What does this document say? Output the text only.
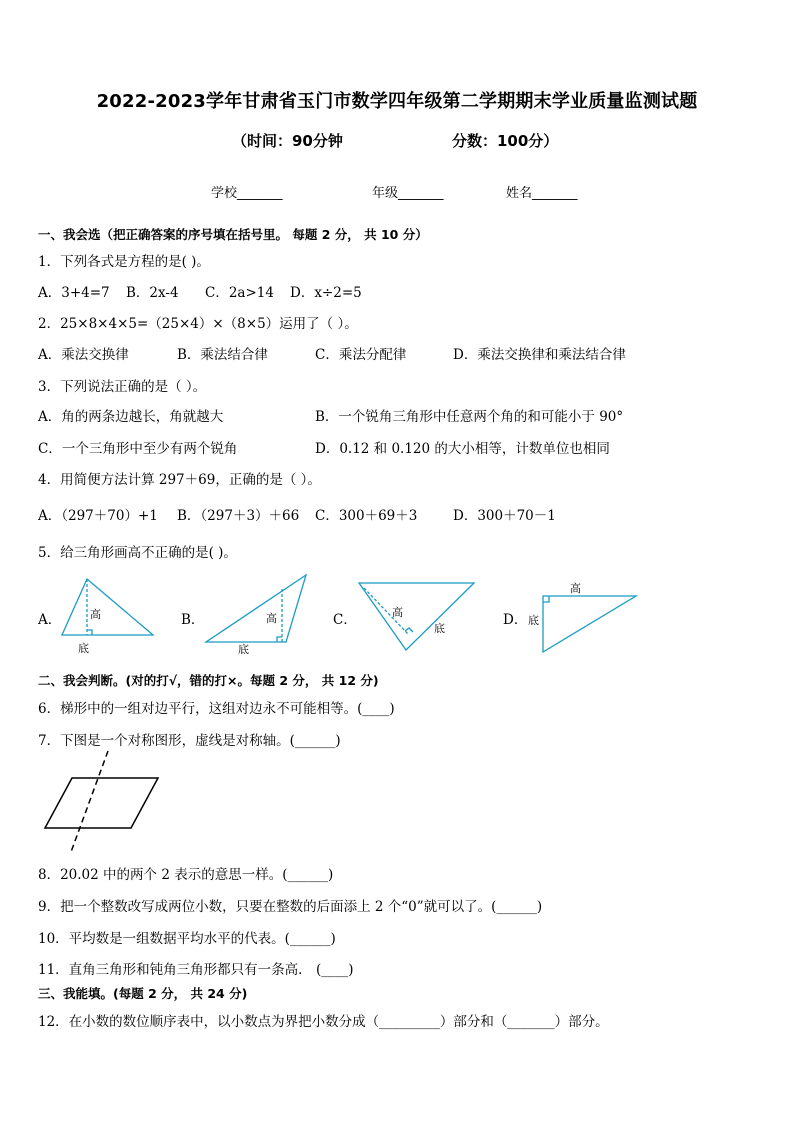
2022-2023学年甘肃省玉门市数学四年级第二学期期末学业质量监测试题
（时间：90分钟	分数：100分）
学校_______	年级_______	姓名_______
一、我会选（把正确答案的序号填在括号里。 每题 2 分， 共 10 分）
1．下列各式是方程的是( )。
A．3+4=7 B．2x-4 C．2a>14 D．x÷2=5
2．25×8×4×5=（25×4）×（8×5）运用了（ ）。
A．乘法交换律	B．乘法结合律	C．乘法分配律	D．乘法交换律和乘法结合律
3．下列说法正确的是（ ）。
A．角的两条边越长，角就越大	B．一个锐角三角形中任意两个角的和可能小于 90°
C．一个三角形中至少有两个锐角	D．0.12 和 0.120 的大小相等，计数单位也相同
4．用简便方法计算 297＋69，正确的是（ ）。
A．（297＋70）+1 B．（297＋3）＋66 C．300＋69＋3	D．300＋70－1
5．给三角形画高不正确的是( )。
A．	B．	C．	D．
高
底
高
底
高
底
高
底
二、我会判断。(对的打√，错的打×。每题 2 分， 共 12 分)
6．梯形中的一组对边平行，这组对边永不可能相等。(____)
7．下图是一个对称图形，虚线是对称轴。(______)
8．20.02 中的两个 2 表示的意思一样。(______)
9．把一个整数改写成两位小数，只要在整数的后面添上 2 个“0”就可以了。(______)
10．平均数是一组数据平均水平的代表。(______)
11．直角三角形和钝角三角形都只有一条高． (____)
三、我能填。(每题 2 分， 共 24 分)
12．在小数的数位顺序表中，以小数点为界把小数分成（_________）部分和（_______）部分。
